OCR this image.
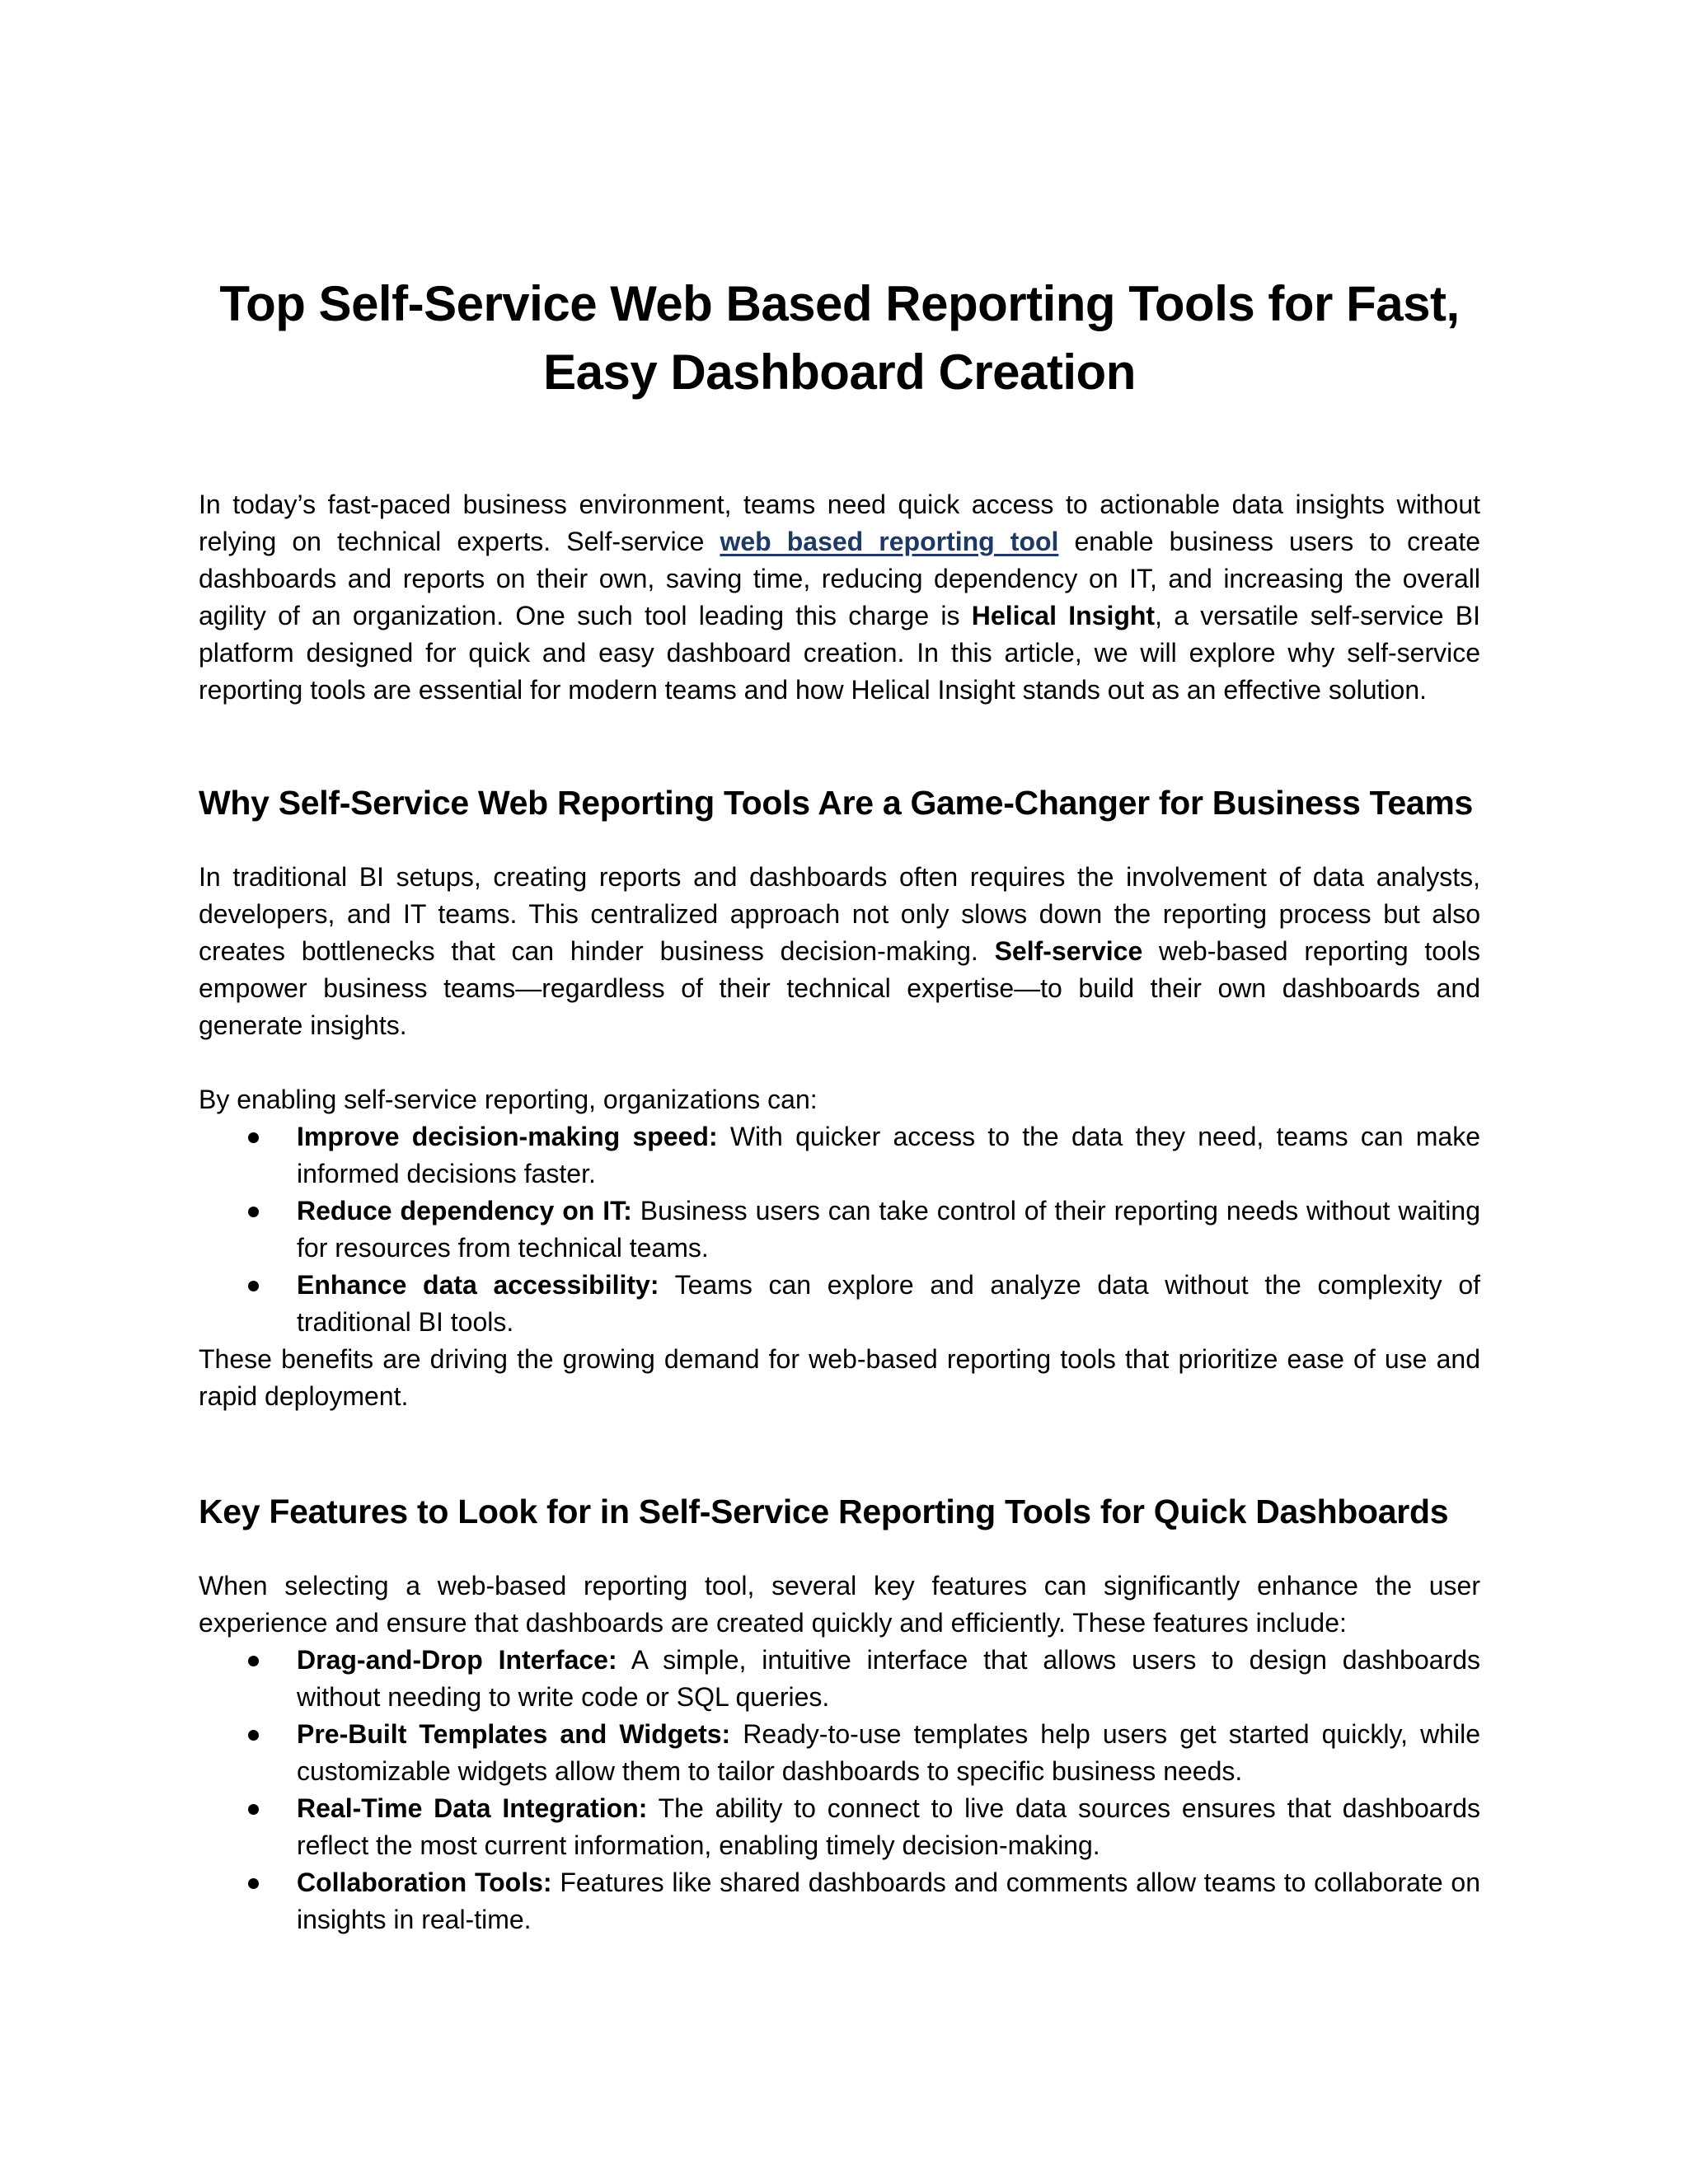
Top Self-Service Web Based Reporting Tools for Fast,
Easy Dashboard Creation

In today’s fast-paced business environment, teams need quick access to actionable data insights without relying on technical experts. Self-service web based reporting tool enable business users to create dashboards and reports on their own, saving time, reducing dependency on IT, and increasing the overall agility of an organization. One such tool leading this charge is Helical Insight, a versatile self-service BI platform designed for quick and easy dashboard creation. In this article, we will explore why self-service reporting tools are essential for modern teams and how Helical Insight stands out as an effective solution.

Why Self-Service Web Reporting Tools Are a Game-Changer for Business Teams

In traditional BI setups, creating reports and dashboards often requires the involvement of data analysts, developers, and IT teams. This centralized approach not only slows down the reporting process but also creates bottlenecks that can hinder business decision-making. Self-service web-based reporting tools empower business teams—regardless of their technical expertise—to build their own dashboards and generate insights.

By enabling self-service reporting, organizations can:

Improve decision-making speed: With quicker access to the data they need, teams can make informed decisions faster.
Reduce dependency on IT: Business users can take control of their reporting needs without waiting for resources from technical teams.
Enhance data accessibility: Teams can explore and analyze data without the complexity of traditional BI tools.

These benefits are driving the growing demand for web-based reporting tools that prioritize ease of use and rapid deployment.

Key Features to Look for in Self-Service Reporting Tools for Quick Dashboards

When selecting a web-based reporting tool, several key features can significantly enhance the user experience and ensure that dashboards are created quickly and efficiently. These features include:

Drag-and-Drop Interface: A simple, intuitive interface that allows users to design dashboards without needing to write code or SQL queries.
Pre-Built Templates and Widgets: Ready-to-use templates help users get started quickly, while customizable widgets allow them to tailor dashboards to specific business needs.
Real-Time Data Integration: The ability to connect to live data sources ensures that dashboards reflect the most current information, enabling timely decision-making.
Collaboration Tools: Features like shared dashboards and comments allow teams to collaborate on insights in real-time.
